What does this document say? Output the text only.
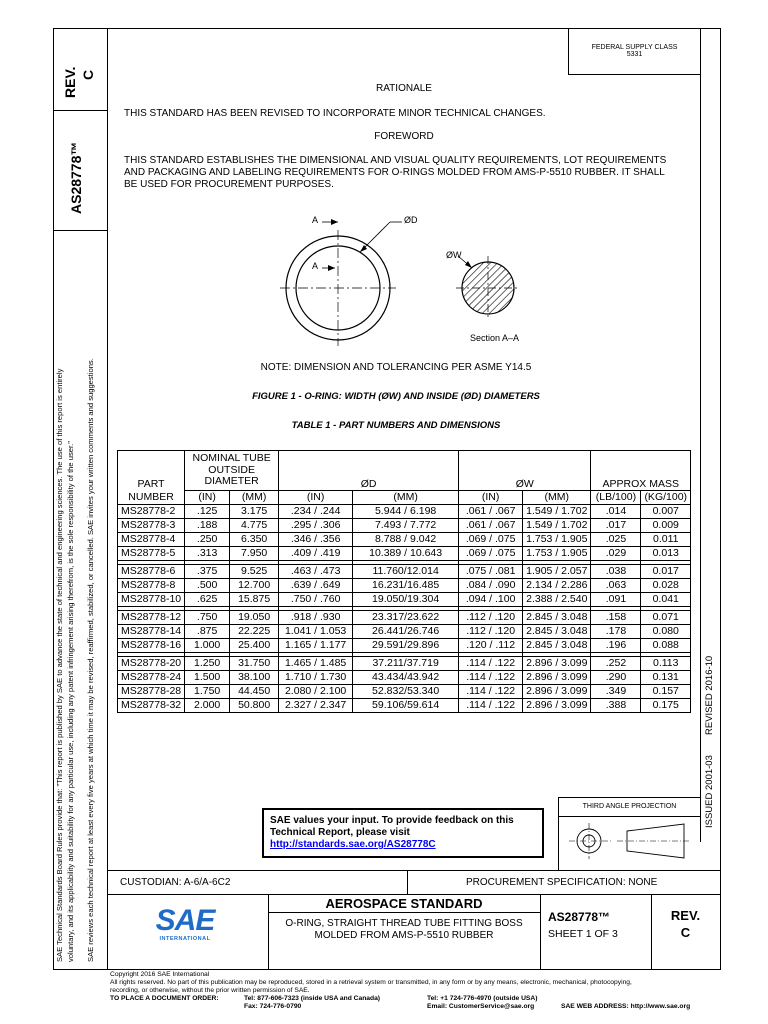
REV. C
AS28778™
SAE Technical Standards Board Rules provide that: "This report is published by SAE to advance the state of technical and engineering sciences. The use of this report is entirely voluntary, and its applicability and suitability for any particular use, including any patent infringement arising therefrom, is the sole responsibility of the user." SAE reviews each technical report at least every five years at which time it may be revised, reaffirmed, stabilized, or cancelled. SAE invites your written comments and suggestions.	ISSUED 2001-03
REVISED 2016-10
FEDERAL SUPPLY CLASS
5331
RATIONALE
THIS STANDARD HAS BEEN REVISED TO INCORPORATE MINOR TECHNICAL CHANGES.
FOREWORD
THIS STANDARD ESTABLISHES THE DIMENSIONAL AND VISUAL QUALITY REQUIREMENTS, LOT REQUIREMENTS
AND PACKAGING AND LABELING REQUIREMENTS FOR O-RINGS MOLDED FROM AMS-P-5510 RUBBER. IT SHALL
BE USED FOR PROCUREMENT PURPOSES.
A
A
ØD
ØW
Section A–A
NOTE: DIMENSION AND TOLERANCING PER ASME Y14.5
FIGURE 1 - O-RING: WIDTH (ØW) AND INSIDE (ØD) DIAMETERS
TABLE 1 - PART NUMBERS AND DIMENSIONS
PART	NOMINAL TUBE
OUTSIDE
DIAMETER		ØD		ØW		APPROX MASS	
NUMBER	(IN)	(MM)	(IN)	(MM)	(IN)	(MM)	(LB/100)	(KG/100)
MS28778-2	.125	3.175	.234 / .244	5.944 / 6.198	.061 / .067	1.549 / 1.702	.014	0.007
MS28778-3	.188	4.775	.295 / .306	7.493 / 7.772	.061 / .067	1.549 / 1.702	.017	0.009
MS28778-4	.250	6.350	.346 / .356	8.788 / 9.042	.069 / .075	1.753 / 1.905	.025	0.011
MS28778-5	.313	7.950	.409 / .419	10.389 / 10.643	.069 / .075	1.753 / 1.905	.029	0.013

MS28778-6	.375	9.525	.463 / .473	11.760/12.014	.075 / .081	1.905 / 2.057	.038	0.017
MS28778-8	.500	12.700	.639 / .649	16.231/16.485	.084 / .090	2.134 / 2.286	.063	0.028
MS28778-10	.625	15.875	.750 / .760	19.050/19.304	.094 / .100	2.388 / 2.540	.091	0.041

MS28778-12	.750	19.050	.918 / .930	23.317/23.622	.112 / .120	2.845 / 3.048	.158	0.071
MS28778-14	.875	22.225	1.041 / 1.053	26.441/26.746	.112 / .120	2.845 / 3.048	.178	0.080
MS28778-16	1.000	25.400	1.165 / 1.177	29.591/29.896	.120 / .112	2.845 / 3.048	.196	0.088

MS28778-20	1.250	31.750	1.465 / 1.485	37.211/37.719	.114 / .122	2.896 / 3.099	.252	0.113
MS28778-24	1.500	38.100	1.710 / 1.730	43.434/43.942	.114 / .122	2.896 / 3.099	.290	0.131
MS28778-28	1.750	44.450	2.080 / 2.100	52.832/53.340	.114 / .122	2.896 / 3.099	.349	0.157
MS28778-32	2.000	50.800	2.327 / 2.347	59.106/59.614	.114 / .122	2.896 / 3.099	.388	0.175
SAE values your input. To provide feedback on this
Technical Report, please visit
http://standards.sae.org/AS28778C
THIRD ANGLE PROJECTION
CUSTODIAN: A-6/A-6C2	PROCUREMENT SPECIFICATION: NONE
SAE
INTERNATIONAL
AEROSPACE STANDARD
O-RING, STRAIGHT THREAD TUBE FITTING BOSS
MOLDED FROM AMS-P-5510 RUBBER
AS28778™
SHEET 1 OF 3
REV.
C
Copyright 2016 SAE International
All rights reserved. No part of this publication may be reproduced, stored in a retrieval system or transmitted, in any form or by any means, electronic, mechanical, photocopying,
recording, or otherwise, without the prior written permission of SAE.
TO PLACE A DOCUMENT ORDER:	Tel: 877-606-7323 (inside USA and Canada)	Tel: +1 724-776-4970 (outside USA)
Fax: 724-776-0790	Email: CustomerService@sae.org	SAE WEB ADDRESS: http://www.sae.org
